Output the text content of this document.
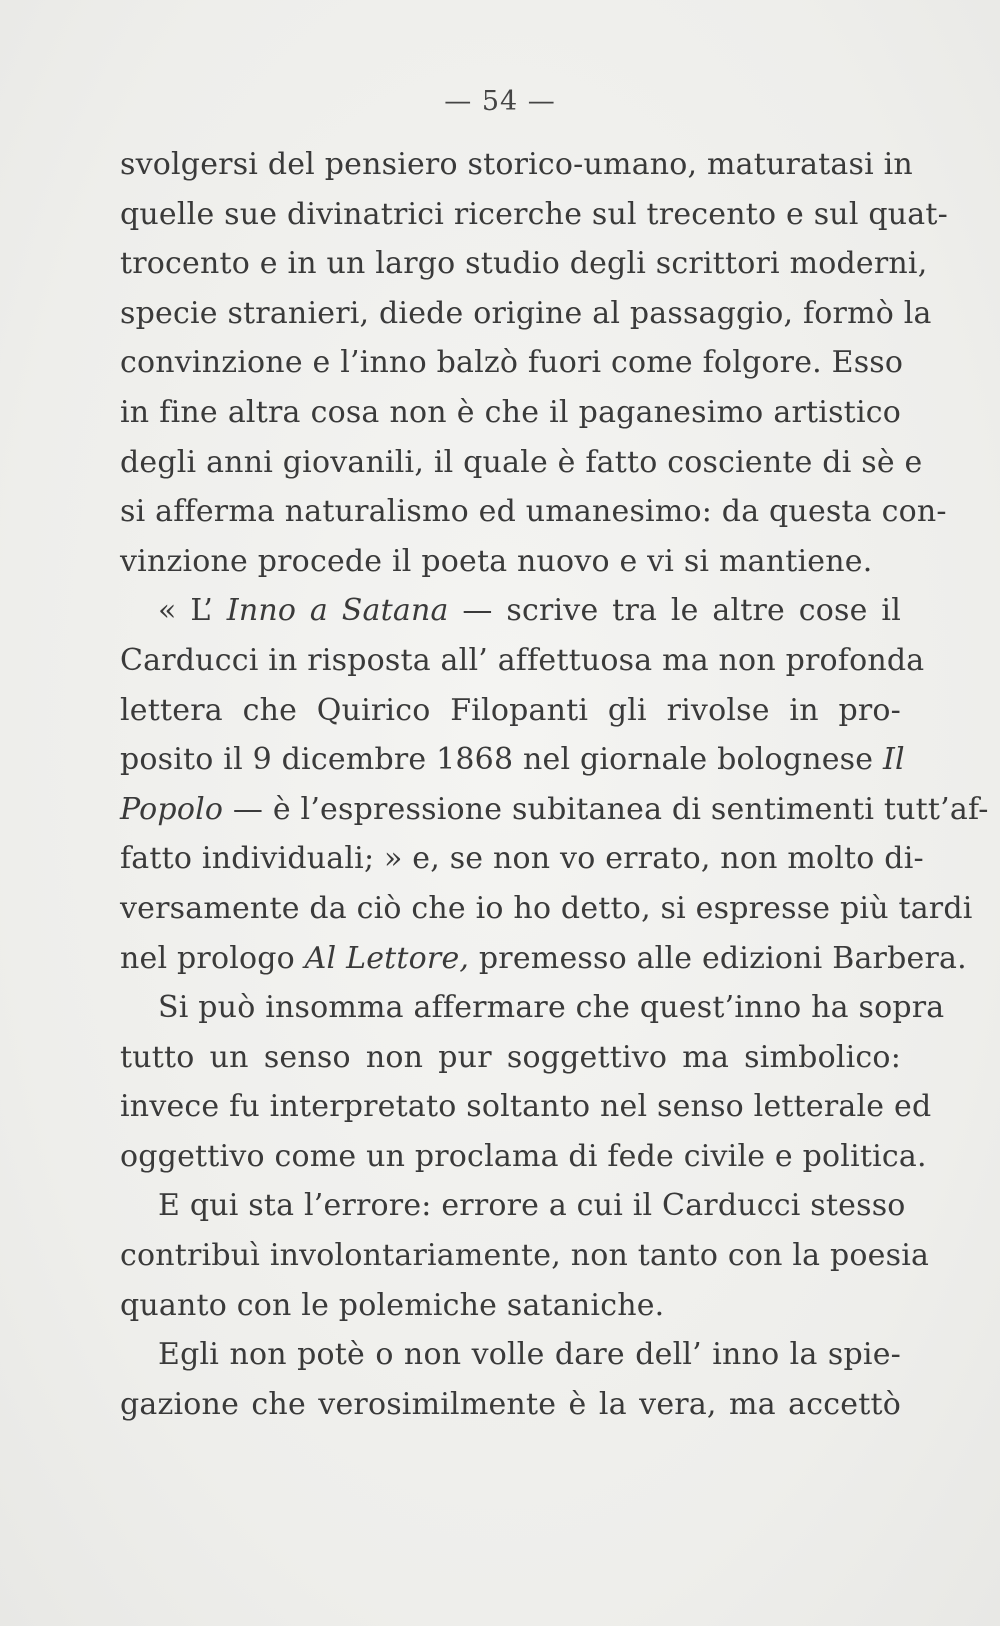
— 54 —
svolgersi del pensiero storico-umano, maturatasi in
quelle sue divinatrici ricerche sul trecento e sul quat-
trocento e in un largo studio degli scrittori moderni,
specie stranieri, diede origine al passaggio, formò la
convinzione e l’inno balzò fuori come folgore. Esso
in fine altra cosa non è che il paganesimo artistico
degli anni giovanili, il quale è fatto cosciente di sè e
si afferma naturalismo ed umanesimo: da questa con-
vinzione procede il poeta nuovo e vi si mantiene.
« L’ Inno a Satana — scrive tra le altre cose il
Carducci in risposta all’ affettuosa ma non profonda
lettera che Quirico Filopanti gli rivolse in pro-
posito il 9 dicembre 1868 nel giornale bolognese Il
Popolo — è l’espressione subitanea di sentimenti tutt’af-
fatto individuali; » e, se non vo errato, non molto di-
versamente da ciò che io ho detto, si espresse più tardi
nel prologo Al Lettore, premesso alle edizioni Barbera.
Si può insomma affermare che quest’inno ha sopra
tutto un senso non pur soggettivo ma simbolico:
invece fu interpretato soltanto nel senso letterale ed
oggettivo come un proclama di fede civile e politica.
E qui sta l’errore: errore a cui il Carducci stesso
contribuì involontariamente, non tanto con la poesia
quanto con le polemiche sataniche.
Egli non potè o non volle dare dell’ inno la spie-
gazione che verosimilmente è la vera, ma accettò
